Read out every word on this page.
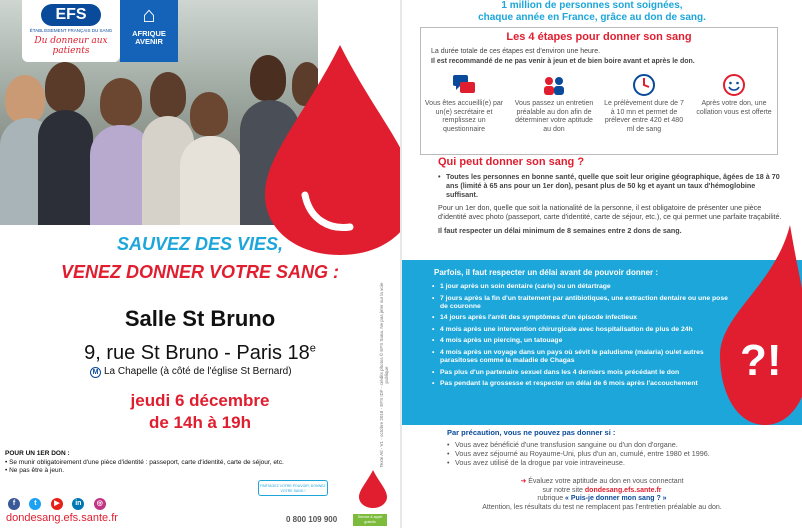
EFS
ÉTABLISSEMENT FRANÇAIS DU SANG
Du donneur aux patients
⌂
AFRIQUE AVENIR
SAUVEZ DES VIES,
VENEZ DONNER VOTRE SANG :
Salle St Bruno
9, rue St Bruno - Paris 18e
M La Chapelle (à côté de l'église St Bernard)
jeudi 6 décembre
de 14h à 19h
POUR UN 1ER DON :
• Se munir obligatoirement d'une pièce d'identité : passeport, carte d'identité, carte de séjour, etc.
• Ne pas être à jeun.
f	t	▶ in ◎
dondesang.efs.sante.fr
PARTAGEZ VOTRE POUVOIR, DONNEZ VOTRE SANG !
0 800 109 900	Service & appel gratuits
Texte Atl - V1 - octobre 2018 - EFS IDF - crédits photos © EFS Sana. Ne pas jeter sur la voie publique
1 million de personnes sont soignées,
chaque année en France, grâce au don de sang.
Les 4 étapes pour donner son sang
La durée totale de ces étapes est d'environ une heure.
Il est recommandé de ne pas venir à jeun et de bien boire avant et après le don.
Vous êtes accueilli(e) par un(e) secrétaire et remplissez un questionnaire
Vous passez un entretien préalable au don afin de déterminer votre aptitude au don
Le prélèvement dure de 7 à 10 mn et permet de prélever entre 420 et 480 ml de sang
Après votre don, une collation vous est offerte
Qui peut donner son sang ?
• Toutes les personnes en bonne santé, quelle que soit leur origine géographique, âgées de 18 à 70 ans (limité à 65 ans pour un 1er don), pesant plus de 50 kg et ayant un taux d'hémoglobine suffisant.

Pour un 1er don, quelle que soit la nationalité de la personne, il est obligatoire de présenter une pièce d'identité avec photo (passeport, carte d'identité, carte de séjour, etc.), ce qui permet une parfaite traçabilité.

Il faut respecter un délai minimum de 8 semaines entre 2 dons de sang.

Parfois, il faut respecter un délai avant de pouvoir donner :
• 1 jour après un soin dentaire (carie) ou un détartrage
• 7 jours après la fin d'un traitement par antibiotiques, une extraction dentaire ou une pose de couronne
• 14 jours après l'arrêt des symptômes d'un épisode infectieux
• 4 mois après une intervention chirurgicale avec hospitalisation de plus de 24h
• 4 mois après un piercing, un tatouage
• 4 mois après un voyage dans un pays où sévit le paludisme (malaria) ou/et autres parasitoses comme la maladie de Chagas
• Pas plus d'un partenaire sexuel dans les 4 derniers mois précédant le don
• Pas pendant la grossesse et respecter un délai de 6 mois après l'accouchement ?!
Par précaution, vous ne pouvez pas donner si :
• Vous avez bénéficié d'une transfusion sanguine ou d'un don d'organe.
• Vous avez séjourné au Royaume-Uni, plus d'un an, cumulé, entre 1980 et 1996.
• Vous avez utilisé de la drogue par voie intraveineuse.
➜ Évaluez votre aptitude au don en vous connectant
sur notre site dondesang.efs.sante.fr
rubrique « Puis-je donner mon sang ? »
Attention, les résultats du test ne remplacent pas l'entretien préalable au don.
